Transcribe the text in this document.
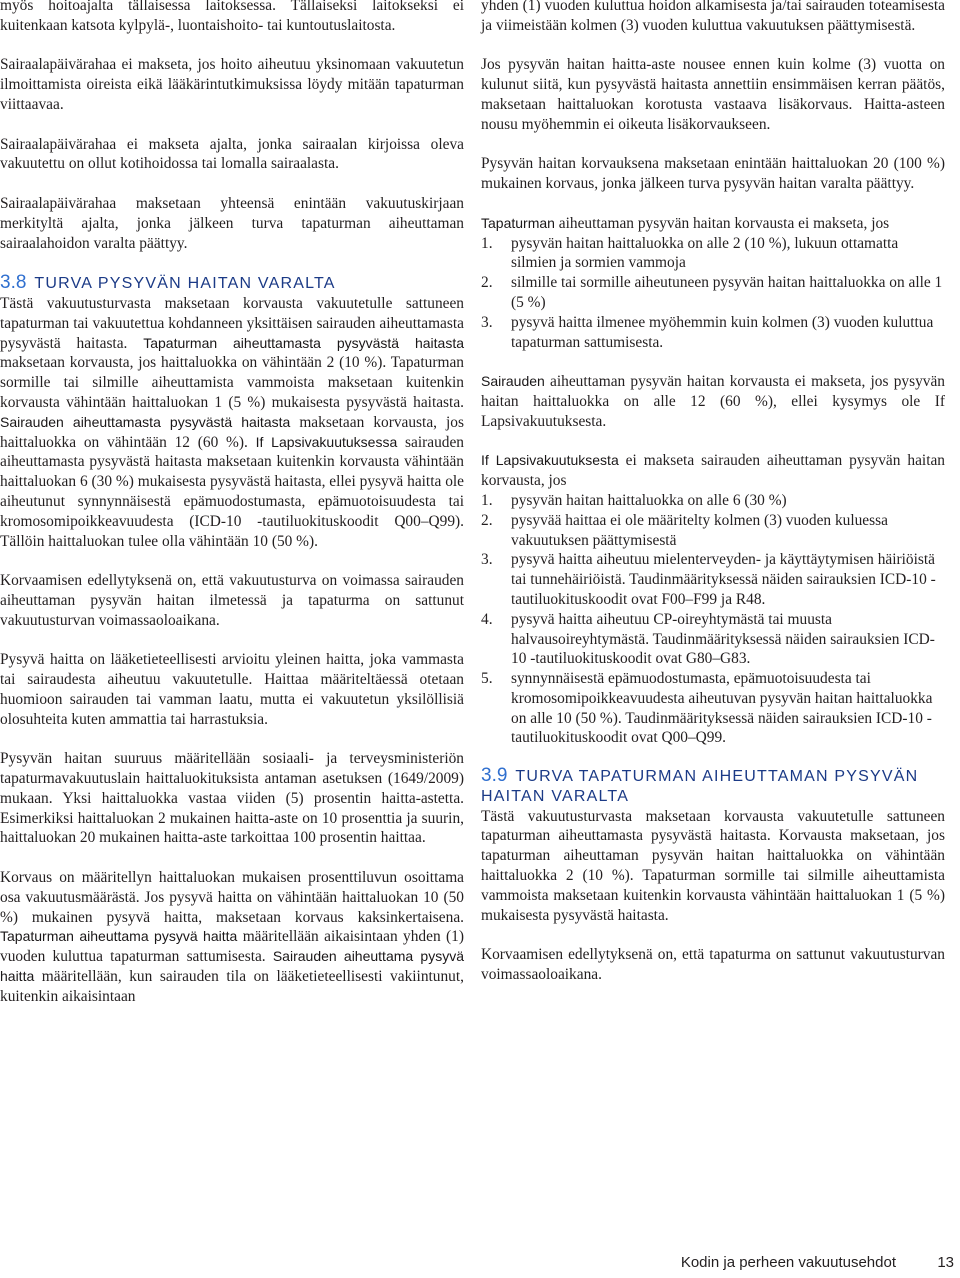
myös hoitoajalta tällaisessa laitoksessa. Tällaiseksi laitokseksi ei kuitenkaan katsota kylpylä-, luontaishoito- tai kuntoutuslaitosta.

Sairaalapäivärahaa ei makseta, jos hoito aiheutuu yksinomaan vakuutetun ilmoittamista oireista eikä lääkärintutkimuksissa löydy mitään tapaturman viittaavaa.

Sairaalapäivärahaa ei makseta ajalta, jonka sairaalan kirjoissa oleva vakuutettu on ollut kotihoidossa tai lomalla sairaalasta.

Sairaalapäivärahaa maksetaan yhteensä enintään vakuutuskirjaan merkityltä ajalta, jonka jälkeen turva tapaturman aiheuttaman sairaalahoidon varalta päättyy.

3.8 TURVA PYSYVÄN HAITAN VARALTA

Tästä vakuutusturvasta maksetaan korvausta vakuutetulle sattuneen tapaturman tai vakuutettua kohdanneen yksittäisen sairauden aiheuttamasta pysyvästä haitasta. Tapaturman aiheuttamasta pysyvästä haitasta maksetaan korvausta, jos haittaluokka on vähintään 2 (10 %). Tapaturman sormille tai silmille aiheuttamista vammoista maksetaan kuitenkin korvausta vähintään haittaluokan 1 (5 %) mukaisesta pysyvästä haitasta. Sairauden aiheuttamasta pysyvästä haitasta maksetaan korvausta, jos haittaluokka on vähintään 12 (60 %). If Lapsivakuutuksessa sairauden aiheuttamasta pysyvästä haitasta maksetaan kuitenkin korvausta vähintään haittaluokan 6 (30 %) mukaisesta pysyvästä haitasta, ellei pysyvä haitta ole aiheutunut synnynnäisestä epämuodostumasta, epämuotoisuudesta tai kromosomipoikkeavuudesta (ICD-10 -tautiluokituskoodit Q00–Q99). Tällöin haittaluokan tulee olla vähintään 10 (50 %).

Korvaamisen edellytyksenä on, että vakuutusturva on voimassa sairauden aiheuttaman pysyvän haitan ilmetessä ja tapaturma on sattunut vakuutusturvan voimassaoloaikana.

Pysyvä haitta on lääketieteellisesti arvioitu yleinen haitta, joka vammasta tai sairaudesta aiheutuu vakuutetulle. Haittaa määriteltäessä otetaan huomioon sairauden tai vamman laatu, mutta ei vakuutetun yksilöllisiä olosuhteita kuten ammattia tai harrastuksia.

Pysyvän haitan suuruus määritellään sosiaali- ja terveysministeriön tapaturmavakuutuslain haittaluokituksista antaman asetuksen (1649/2009) mukaan. Yksi haittaluokka vastaa viiden (5) prosentin haitta-astetta. Esimerkiksi haittaluokan 2 mukainen haitta-aste on 10 prosenttia ja suurin, haittaluokan 20 mukainen haitta-aste tarkoittaa 100 prosentin haittaa.

Korvaus on määritellyn haittaluokan mukaisen prosenttiluvun osoittama osa vakuutusmäärästä. Jos pysyvä haitta on vähintään haittaluokan 10 (50 %) mukainen pysyvä haitta, maksetaan korvaus kaksinkertaisena. Tapaturman aiheuttama pysyvä haitta määritellään aikaisintaan yhden (1) vuoden kuluttua tapaturman sattumisesta. Sairauden aiheuttama pysyvä haitta määritellään, kun sairauden tila on lääketieteellisesti vakiintunut, kuitenkin aikaisintaan

yhden (1) vuoden kuluttua hoidon alkamisesta ja/tai sairauden toteamisesta ja viimeistään kolmen (3) vuoden kuluttua vakuutuksen päättymisestä.

Jos pysyvän haitan haitta-aste nousee ennen kuin kolme (3) vuotta on kulunut siitä, kun pysyvästä haitasta annettiin ensimmäisen kerran päätös, maksetaan haittaluokan korotusta vastaava lisäkorvaus. Haitta-asteen nousu myöhemmin ei oikeuta lisäkorvaukseen.

Pysyvän haitan korvauksena maksetaan enintään haittaluokan 20 (100 %) mukainen korvaus, jonka jälkeen turva pysyvän haitan varalta päättyy.

Tapaturman aiheuttaman pysyvän haitan korvausta ei makseta, jos

1.	pysyvän haitan haittaluokka on alle 2 (10 %), lukuun ottamatta silmien ja sormien vammoja
2.	silmille tai sormille aiheutuneen pysyvän haitan haittaluokka on alle 1 (5 %)
3.	pysyvä haitta ilmenee myöhemmin kuin kolmen (3) vuoden kuluttua tapaturman sattumisesta.

Sairauden aiheuttaman pysyvän haitan korvausta ei makseta, jos pysyvän haitan haittaluokka on alle 12 (60 %), ellei kysymys ole If Lapsivakuutuksesta.

If Lapsivakuutuksesta ei makseta sairauden aiheuttaman pysyvän haitan korvausta, jos

1.	pysyvän haitan haittaluokka on alle 6 (30 %)
2.	pysyvää haittaa ei ole määritelty kolmen (3) vuoden kuluessa vakuutuksen päättymisestä
3.	pysyvä haitta aiheutuu mielenterveyden- ja käyttäytymisen häiriöistä tai tunnehäiriöistä. Taudinmäärityksessä näiden sairauksien ICD-10 -tautiluokituskoodit ovat F00–F99 ja R48.
4.	pysyvä haitta aiheutuu CP-oireyhtymästä tai muusta halvausoireyhtymästä. Taudinmäärityksessä näiden sairauksien ICD-10 -tautiluokituskoodit ovat G80–G83.
5.	synnynnäisestä epämuodostumasta, epämuotoisuudesta tai kromosomipoikkeavuudesta aiheutuvan pysyvän haitan haittaluokka on alle 10 (50 %). Taudinmäärityksessä näiden sairauksien ICD-10 -tautiluokituskoodit ovat Q00–Q99.
3.9 TURVA TAPATURMAN AIHEUTTAMAN PYSYVÄN HAITAN VARALTA

Tästä vakuutusturvasta maksetaan korvausta vakuutetulle sattuneen tapaturman aiheuttamasta pysyvästä haitasta. Korvausta maksetaan, jos tapaturman aiheuttaman pysyvän haitan haittaluokka on vähintään haittaluokka 2 (10 %). Tapaturman sormille tai silmille aiheuttamista vammoista maksetaan kuitenkin korvausta vähintään haittaluokan 1 (5 %) mukaisesta pysyvästä haitasta.

Korvaamisen edellytyksenä on, että tapaturma on sattunut vakuutusturvan voimassaoloaikana.

Kodin ja perheen vakuutusehdot	13
